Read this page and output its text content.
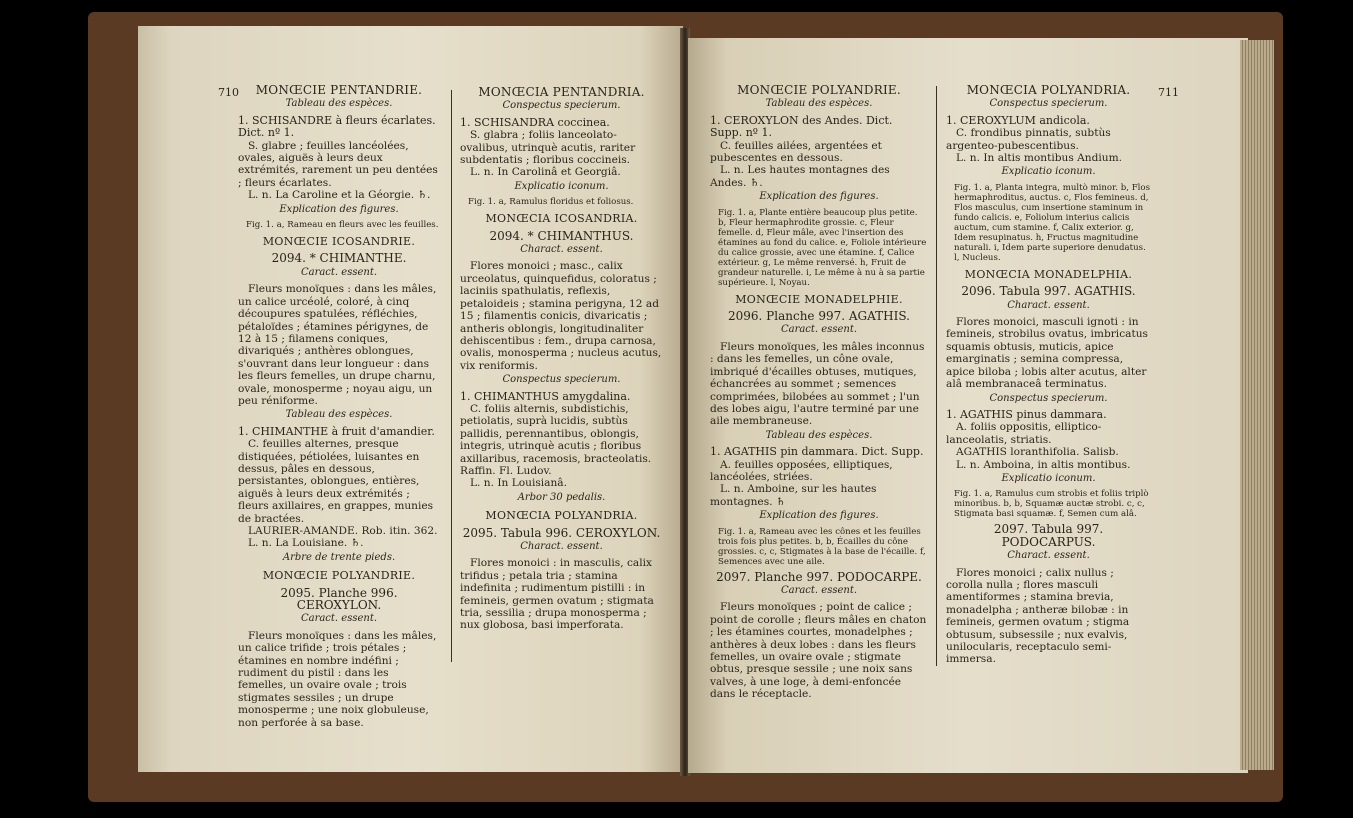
710	MONŒCIE PENTANDRIE.
Tableau des espèces.
1. SCHISANDRE à fleurs écarlates. Dict. nº 1.

S. glabre ; feuilles lancéolées, ovales, aiguës à leurs deux extrémités, rarement un peu dentées ; fleurs écarlates.

L. n. La Caroline et la Géorgie. ♄.

Explication des figures.
Fig. 1. a, Rameau en fleurs avec les feuilles.
MONŒCIE ICOSANDRIE.
2094. * CHIMANTHE.
Caract. essent.

Fleurs monoïques : dans les mâles, un calice urcéolé, coloré, à cinq découpures spatulées, réfléchies, pétaloïdes ; étamines périgynes, de 12 à 15 ; filamens coniques, divariqués ; anthères oblongues, s'ouvrant dans leur longueur : dans les fleurs femelles, un drupe charnu, ovale, monosperme ; noyau aigu, un peu réniforme.

Tableau des espèces.
1. CHIMANTHE à fruit d'amandier.

C. feuilles alternes, presque distiquées, pétiolées, luisantes en dessus, pâles en dessous, persistantes, oblongues, entières, aiguës à leurs deux extrémités ; fleurs axillaires, en grappes, munies de bractées.

LAURIER-AMANDE. Rob. itin. 362.

L. n. La Louisiane. ♄.

Arbre de trente pieds.
MONŒCIE POLYANDRIE.
2095. Planche 996. CEROXYLON.
Caract. essent.

Fleurs monoïques : dans les mâles, un calice trifide ; trois pétales ; étamines en nombre indéfini ; rudiment du pistil : dans les femelles, un ovaire ovale ; trois stigmates sessiles ; un drupe monosperme ; une noix globuleuse, non perforée à sa base.

MONŒCIA PENTANDRIA.
Conspectus specierum.
1. SCHISANDRA coccinea.

S. glabra ; foliis lanceolato-ovalibus, utrinquè acutis, rariter subdentatis ; floribus coccineis.

L. n. In Carolinâ et Georgiâ.

Explicatio iconum.
Fig. 1. a, Ramulus floridus et foliosus.
MONŒCIA ICOSANDRIA.
2094. * CHIMANTHUS.
Charact. essent.

Flores monoici ; masc., calix urceolatus, quinquefidus, coloratus ; laciniis spathulatis, reflexis, petaloideis ; stamina perigyna, 12 ad 15 ; filamentis conicis, divaricatis ; antheris oblongis, longitudinaliter dehiscentibus : fem., drupa carnosa, ovalis, monosperma ; nucleus acutus, vix reniformis.

Conspectus specierum.
1. CHIMANTHUS amygdalina.

C. foliis alternis, subdistichis, petiolatis, suprà lucidis, subtùs pallidis, perennantibus, oblongis, integris, utrinquè acutis ; floribus axillaribus, racemosis, bracteolatis. Raffin. Fl. Ludov.

L. n. In Louisianâ.

Arbor 30 pedalis.
MONŒCIA POLYANDRIA.
2095. Tabula 996. CEROXYLON.
Charact. essent.

Flores monoici : in masculis, calix trifidus ; petala tria ; stamina indefinita ; rudimentum pistilli : in femineis, germen ovatum ; stigmata tria, sessilia ; drupa monosperma ; nux globosa, basi imperforata.

MONŒCIE POLYANDRIE.
Tableau des espèces.
1. CEROXYLON des Andes. Dict. Supp. nº 1.

C. feuilles ailées, argentées et pubescentes en dessous.

L. n. Les hautes montagnes des Andes. ♄.

Explication des figures.
Fig. 1. a, Plante entière beaucoup plus petite. b, Fleur hermaphrodite grossie. c, Fleur femelle. d, Fleur mâle, avec l'insertion des étamines au fond du calice. e, Foliole intérieure du calice grossie, avec une étamine. f, Calice extérieur. g, Le même renversé. h, Fruit de grandeur naturelle. i, Le même à nu à sa partie supérieure. l, Noyau.
MONŒCIE MONADELPHIE.
2096. Planche 997. AGATHIS.
Caract. essent.

Fleurs monoïques, les mâles inconnus : dans les femelles, un cône ovale, imbriqué d'écailles obtuses, mutiques, échancrées au sommet ; semences comprimées, bilobées au sommet ; l'un des lobes aigu, l'autre terminé par une aile membraneuse.

Tableau des espèces.
1. AGATHIS pin dammara. Dict. Supp.

A. feuilles opposées, elliptiques, lancéolées, striées.

L. n. Amboine, sur les hautes montagnes. ♄

Explication des figures.
Fig. 1. a, Rameau avec les cônes et les feuilles trois fois plus petites. b, b, Écailles du cône grossies. c, c, Stigmates à la base de l'écaille. f, Semences avec une aile.
2097. Planche 997. PODOCARPE.
Caract. essent.

Fleurs monoïques ; point de calice ; point de corolle ; fleurs mâles en chaton ; les étamines courtes, monadelphes ; anthères à deux lobes : dans les fleurs femelles, un ovaire ovale ; stigmate obtus, presque sessile ; une noix sans valves, à une loge, à demi-enfoncée dans le réceptacle.

MONŒCIA POLYANDRIA.
Conspectus specierum.
1. CEROXYLUM andicola.

C. frondibus pinnatis, subtùs argenteo-pubescentibus.

L. n. In altis montibus Andium.

Explicatio iconum.
Fig. 1. a, Planta integra, multò minor. b, Flos hermaphroditus, auctus. c, Flos femineus. d, Flos masculus, cum insertione staminum in fundo calicis. e, Foliolum interius calicis auctum, cum stamine. f, Calix exterior. g, Idem resupinatus. h, Fructus magnitudine naturali. i, Idem parte superiore denudatus. l, Nucleus.
MONŒCIA MONADELPHIA.
2096. Tabula 997. AGATHIS.
Charact. essent.

Flores monoici, masculi ignoti : in femineis, strobilus ovatus, imbricatus squamis obtusis, muticis, apice emarginatis ; semina compressa, apice biloba ; lobis alter acutus, alter alâ membranaceâ terminatus.

Conspectus specierum.
1. AGATHIS pinus dammara.

A. foliis oppositis, elliptico-lanceolatis, striatis.

AGATHIS loranthifolia. Salisb.

L. n. Amboina, in altis montibus.

Explicatio iconum.
Fig. 1. a, Ramulus cum strobis et foliis triplò minoribus. b, b, Squamæ auctæ strobi. c, c, Stigmata basi squamæ. f, Semen cum alâ.
2097. Tabula 997. PODOCARPUS.
Charact. essent.

Flores monoici ; calix nullus ; corolla nulla ; flores masculi amentiformes ; stamina brevia, monadelpha ; antheræ bilobæ : in femineis, germen ovatum ; stigma obtusum, subsessile ; nux evalvis, unilocularis, receptaculo semi-immersa.

711
